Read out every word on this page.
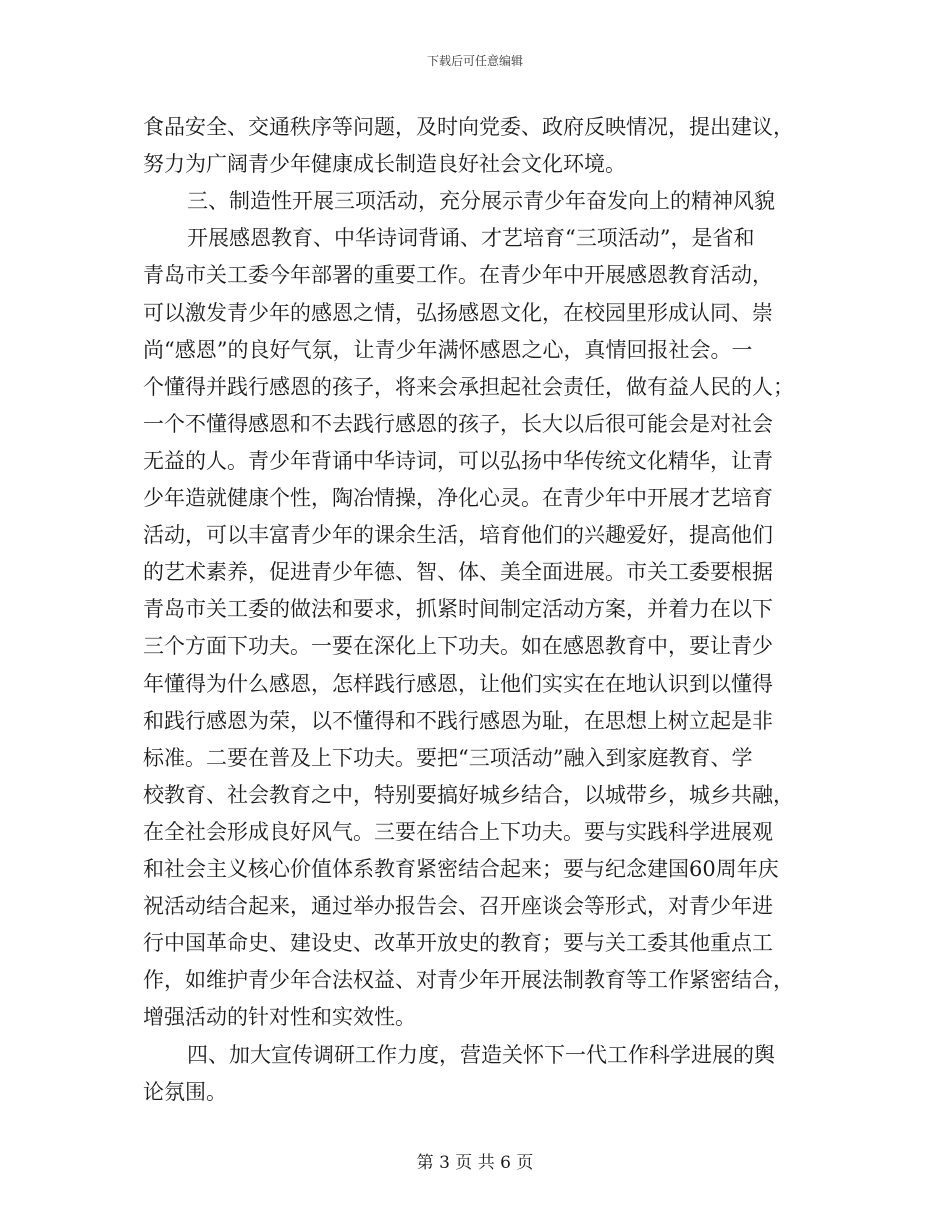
下载后可任意编辑
食品安全、交通秩序等问题，及时向党委、政府反映情况，提出建议，
努力为广阔青少年健康成长制造良好社会文化环境。
三、制造性开展三项活动，充分展示青少年奋发向上的精神风貌
开展感恩教育、中华诗词背诵、才艺培育“三项活动”，是省和
青岛市关工委今年部署的重要工作。在青少年中开展感恩教育活动，
可以激发青少年的感恩之情，弘扬感恩文化，在校园里形成认同、崇
尚“感恩”的良好气氛，让青少年满怀感恩之心，真情回报社会。一
个懂得并践行感恩的孩子，将来会承担起社会责任，做有益人民的人；
一个不懂得感恩和不去践行感恩的孩子，长大以后很可能会是对社会
无益的人。青少年背诵中华诗词，可以弘扬中华传统文化精华，让青
少年造就健康个性，陶冶情操，净化心灵。在青少年中开展才艺培育
活动，可以丰富青少年的课余生活，培育他们的兴趣爱好，提高他们
的艺术素养，促进青少年德、智、体、美全面进展。市关工委要根据
青岛市关工委的做法和要求，抓紧时间制定活动方案，并着力在以下
三个方面下功夫。一要在深化上下功夫。如在感恩教育中，要让青少
年懂得为什么感恩，怎样践行感恩，让他们实实在在地认识到以懂得
和践行感恩为荣，以不懂得和不践行感恩为耻，在思想上树立起是非
标准。二要在普及上下功夫。要把“三项活动”融入到家庭教育、学
校教育、社会教育之中，特别要搞好城乡结合，以城带乡，城乡共融，
在全社会形成良好风气。三要在结合上下功夫。要与实践科学进展观
和社会主义核心价值体系教育紧密结合起来；要与纪念建国60周年庆
祝活动结合起来，通过举办报告会、召开座谈会等形式，对青少年进
行中国革命史、建设史、改革开放史的教育；要与关工委其他重点工
作，如维护青少年合法权益、对青少年开展法制教育等工作紧密结合，
增强活动的针对性和实效性。
四、加大宣传调研工作力度，营造关怀下一代工作科学进展的舆
论氛围。
第 3 页 共 6 页
